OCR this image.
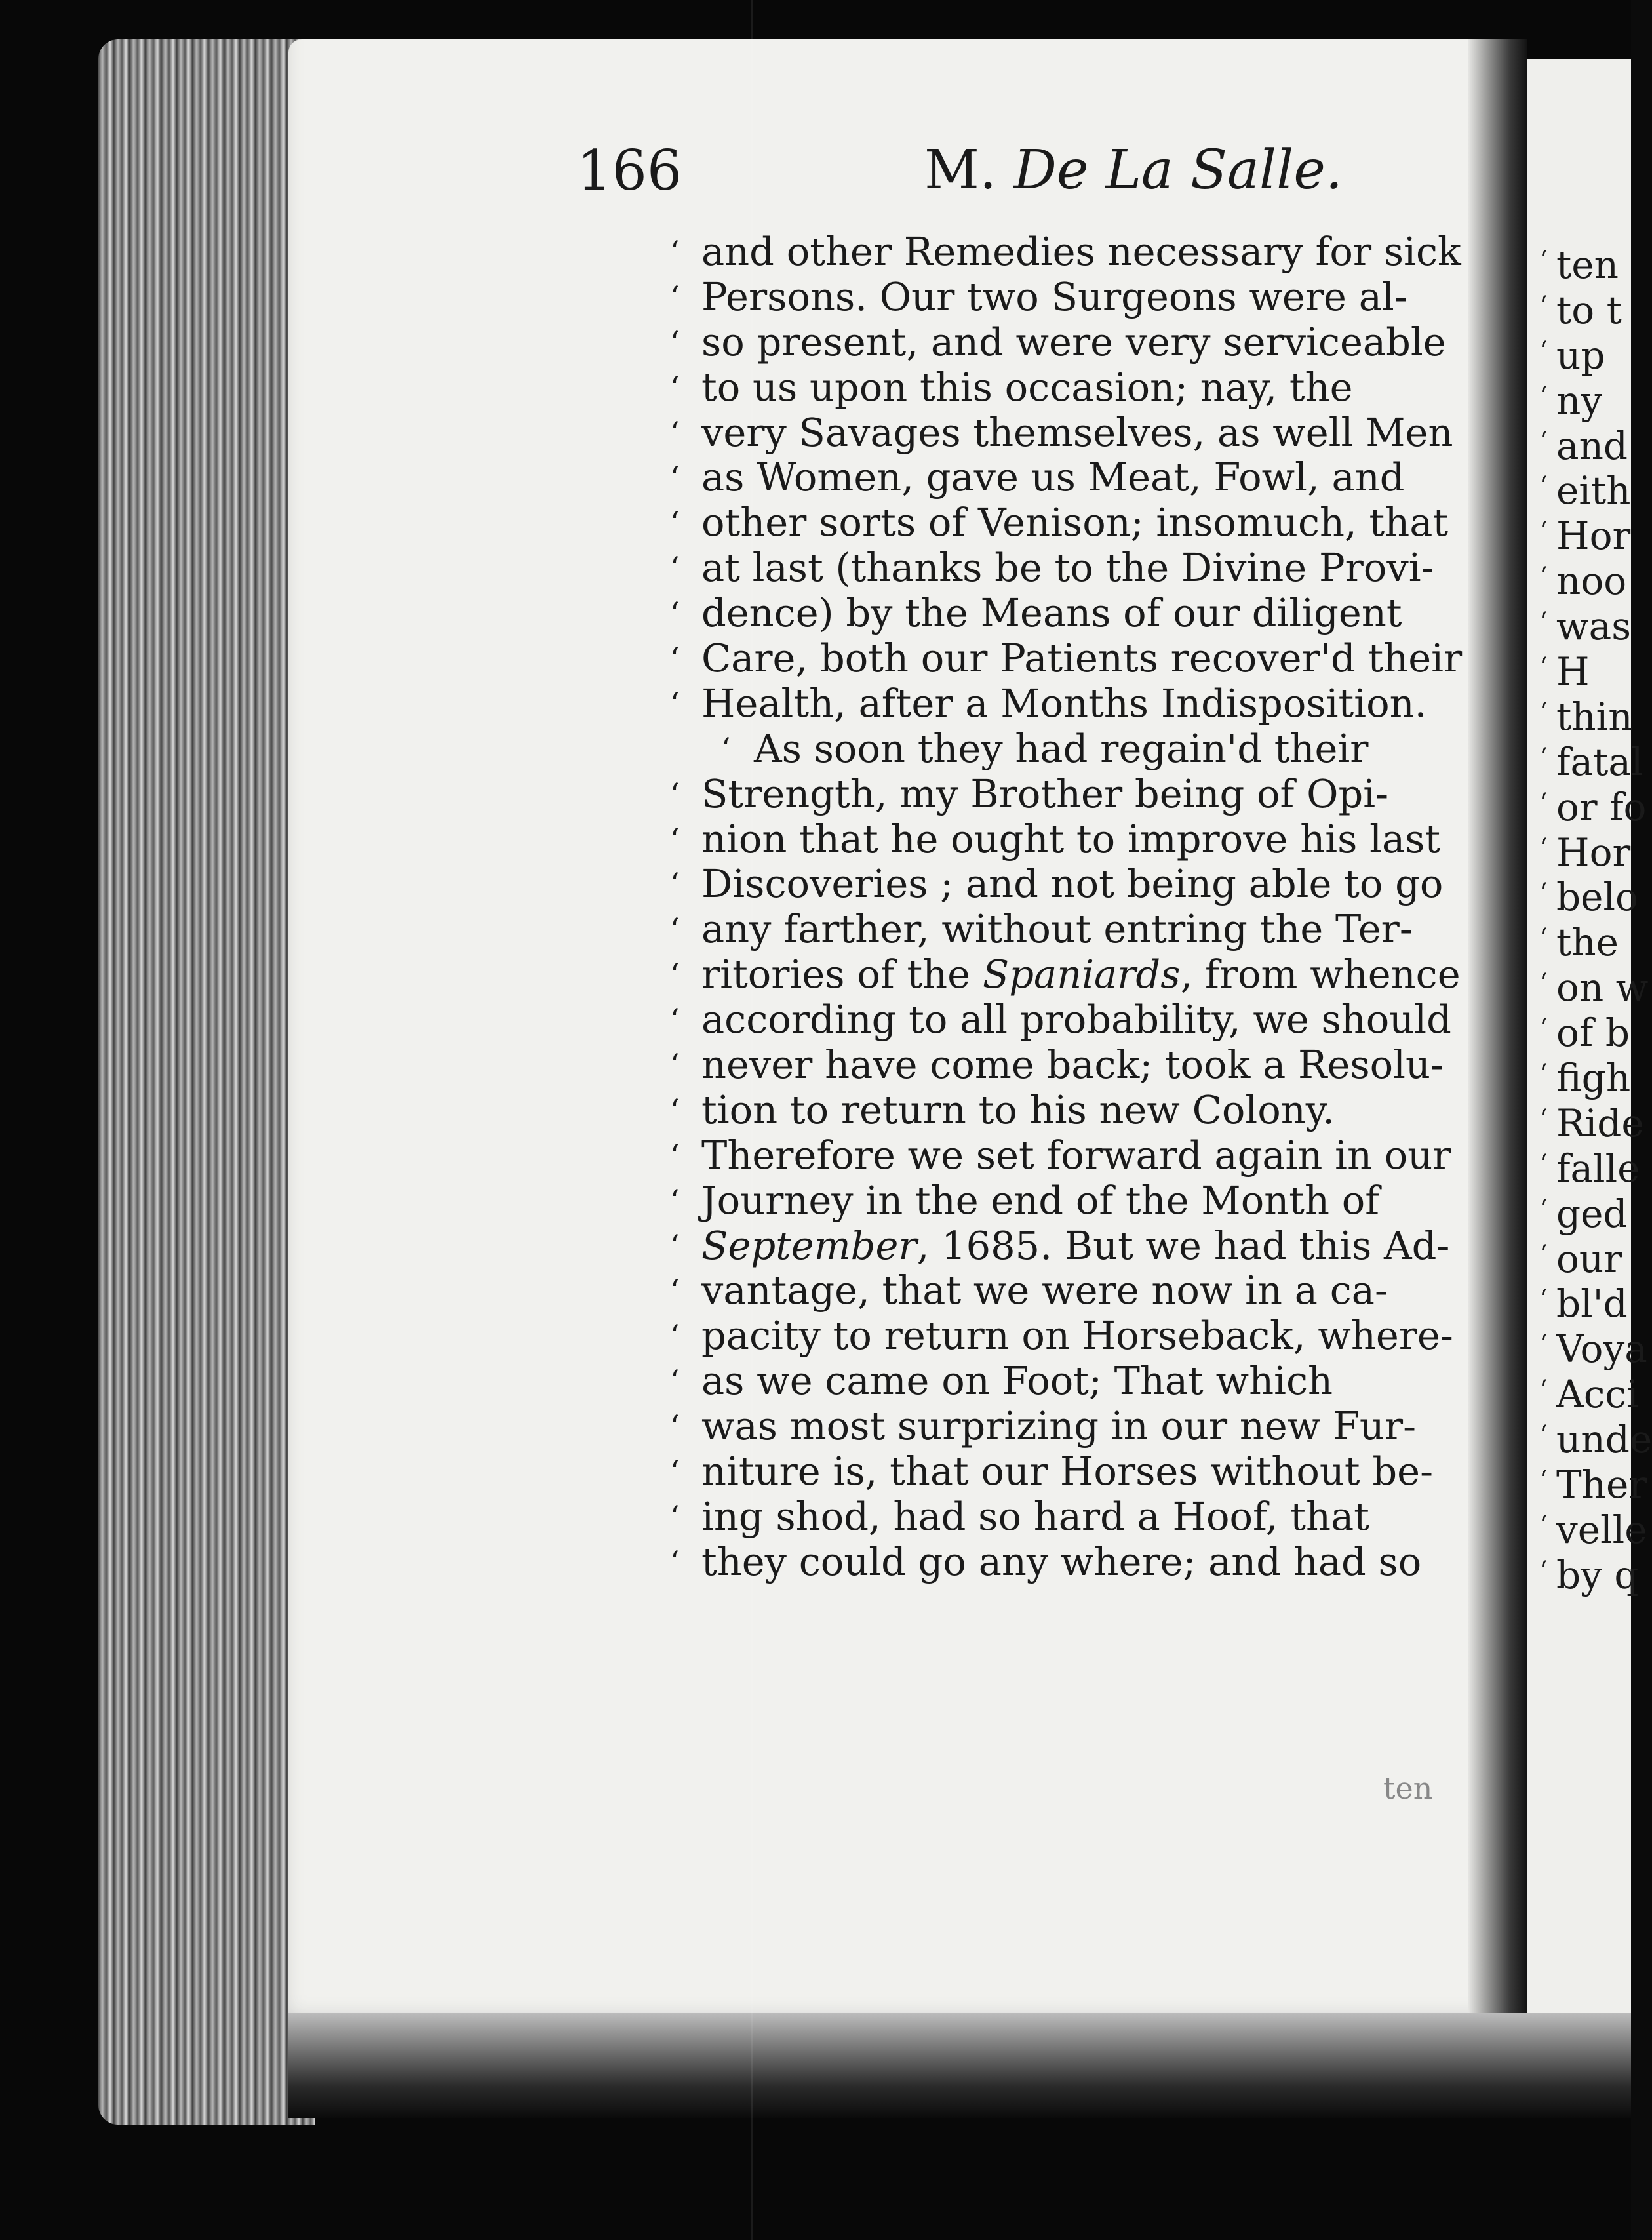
166	M. De La Salle.
‘ and other Remedies necessary for sick
‘ Persons. Our two Surgeons were al-
‘ so present, and were very serviceable
‘ to us upon this occasion; nay, the
‘ very Savages themselves, as well Men
‘ as Women, gave us Meat, Fowl, and
‘ other sorts of Venison; insomuch, that
‘ at last (thanks be to the Divine Provi-
‘ dence) by the Means of our diligent
‘ Care, both our Patients recover'd their
‘ Health, after a Months Indisposition.
‘ As soon they had regain'd their
‘ Strength, my Brother being of Opi-
‘ nion that he ought to improve his last
‘ Discoveries ; and not being able to go
‘ any farther, without entring the Ter-
‘ ritories of the Spaniards, from whence
‘ according to all probability, we should
‘ never have come back; took a Resolu-
‘ tion to return to his new Colony.
‘ Therefore we set forward again in our
‘ Journey in the end of the Month of
‘ September, 1685. But we had this Ad-
‘ vantage, that we were now in a ca-
‘ pacity to return on Horseback, where-
‘ as we came on Foot; That which
‘ was most surprizing in our new Fur-
‘ niture is, that our Horses without be-
‘ ing shod, had so hard a Hoof, that
‘ they could go any where; and had so
ten
‘ ten
‘ to t
‘ up
‘ ny
‘ and
‘ eith
‘ Hor
‘ noo
‘ was
‘ H
‘ thin
‘ fatal
‘ or fo
‘ Hor
‘ belo
‘ the
‘ on w
‘ of b
‘ figh
‘ Ride
‘ falle
‘ ged
‘ our
‘ bl'd
‘ Voya
‘ Acci
‘ unde
‘ Ther
‘ velle
‘ by q
